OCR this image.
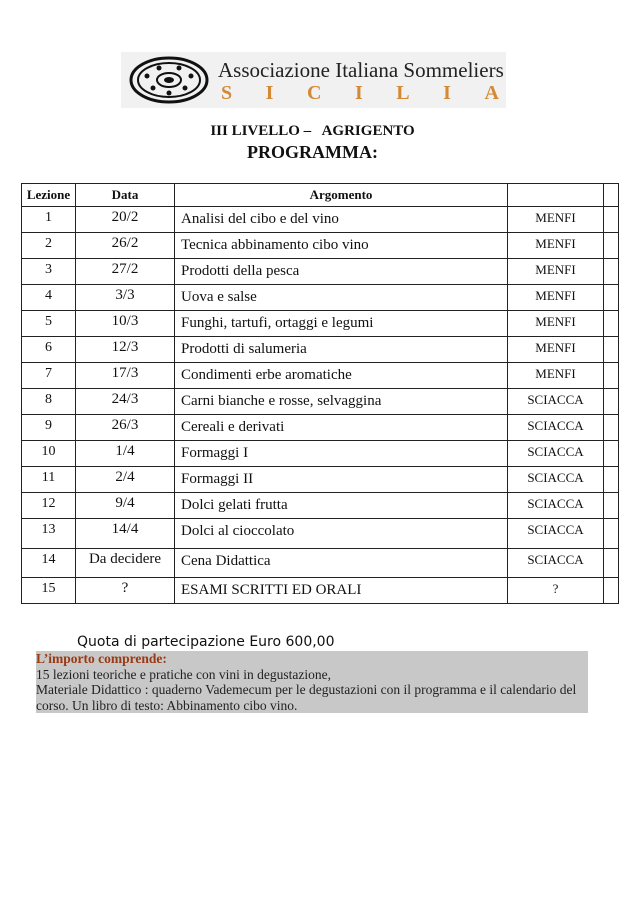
Associazione Italiana Sommeliers
S I C I L I A
III LIVELLO –   AGRIGENTO
PROGRAMMA:
Lezione	Data	Argomento		
1	20/2	Analisi del cibo e del vino	MENFI	
2	26/2	Tecnica abbinamento cibo vino	MENFI	
3	27/2	Prodotti della pesca	MENFI	
4	3/3	Uova e salse	MENFI	
5	10/3	Funghi, tartufi, ortaggi e legumi	MENFI	
6	12/3	Prodotti di salumeria	MENFI	
7	17/3	Condimenti erbe aromatiche	MENFI	
8	24/3	Carni bianche e rosse, selvaggina	SCIACCA	
9	26/3	Cereali e derivati	SCIACCA	
10	1/4	Formaggi I	SCIACCA	
11	2/4	Formaggi II	SCIACCA	
12	9/4	Dolci gelati frutta	SCIACCA	
13	14/4	Dolci al cioccolato	SCIACCA	
14	Da decidere	Cena Didattica	SCIACCA	
15	?	ESAMI SCRITTI ED ORALI	?	
Quota di partecipazione Euro 600,00
L’importo comprende:
15 lezioni teoriche e pratiche con vini in degustazione,
Materiale Didattico : quaderno Vademecum per le degustazioni con il programma e il calendario del corso. Un libro di testo: Abbinamento cibo vino.
